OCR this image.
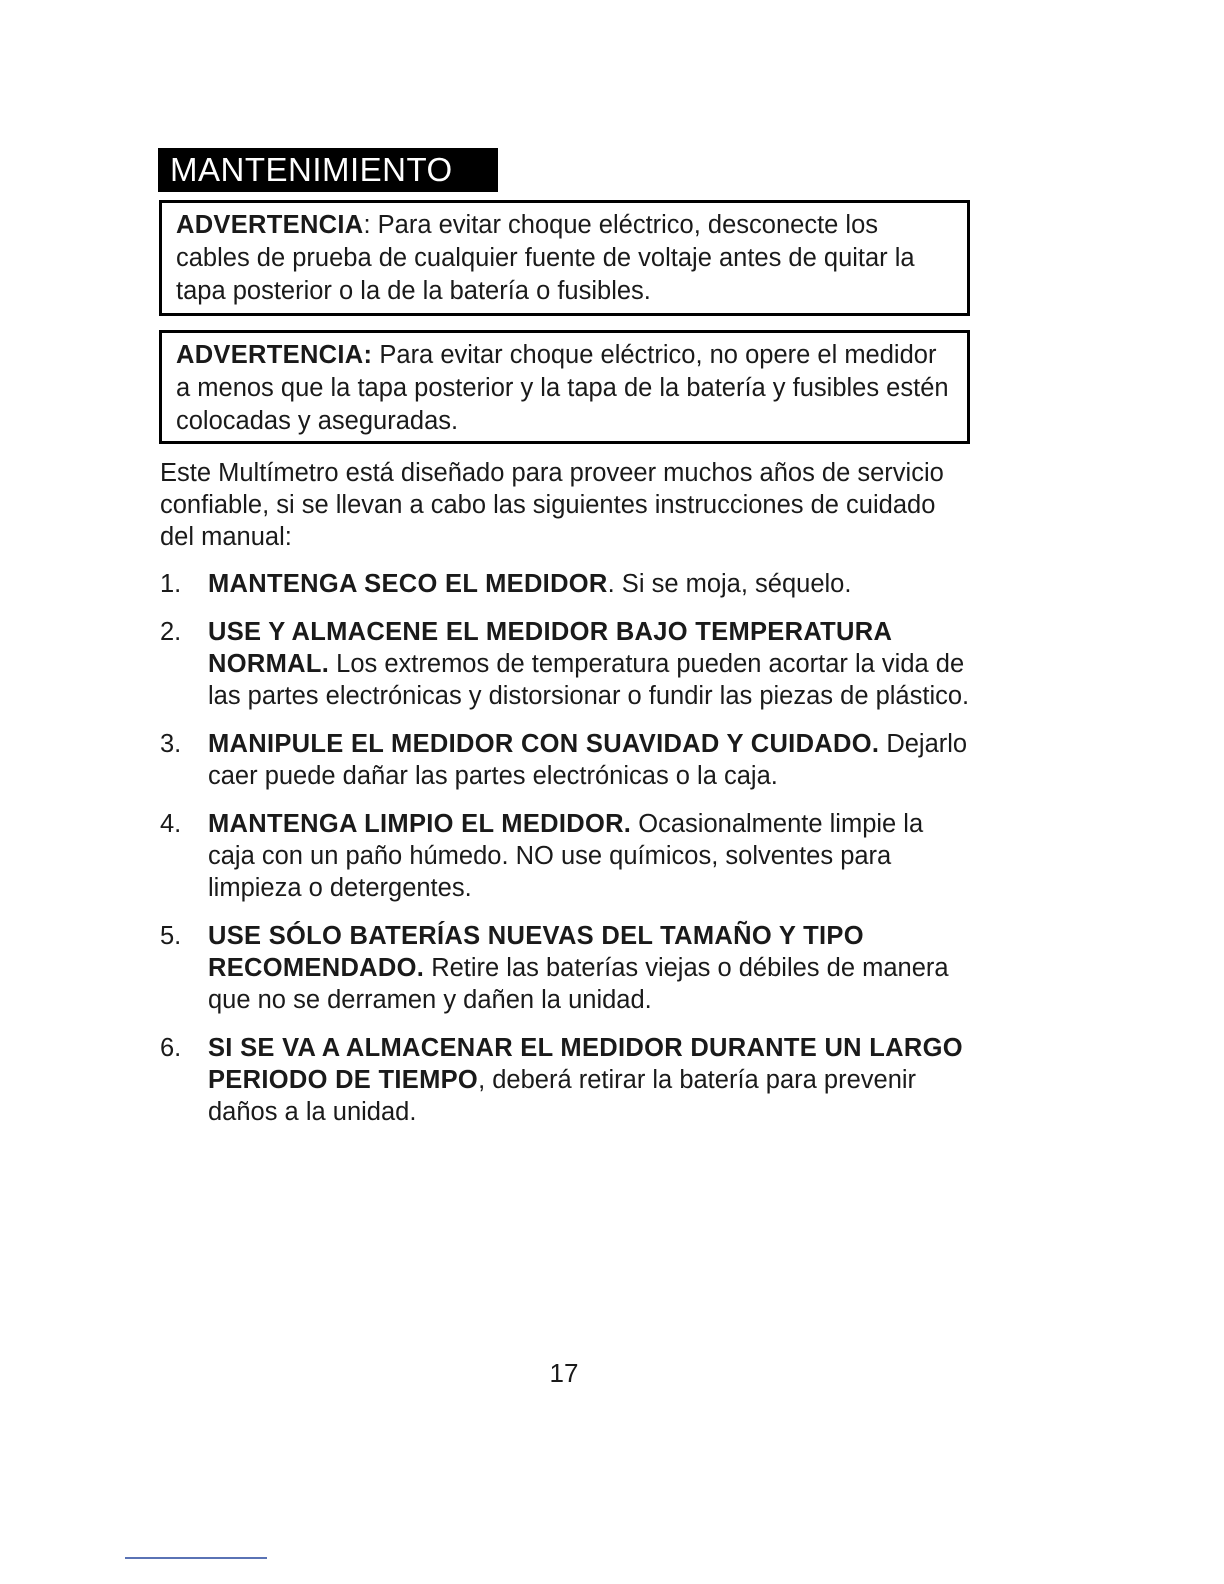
MANTENIMIENTO
ADVERTENCIA: Para evitar choque eléctrico, desconecte los cables de prueba de cualquier fuente de voltaje antes de quitar la tapa posterior o la de la batería o fusibles.
ADVERTENCIA: Para evitar choque eléctrico, no opere el medidor a menos que la tapa posterior y la tapa de la batería y fusibles estén colocadas y aseguradas.

Este Multímetro está diseñado para proveer muchos años de servicio confiable, si se llevan a cabo las siguientes instrucciones de cuidado del manual:

1. MANTENGA SECO EL MEDIDOR. Si se moja, séquelo.
2. USE Y ALMACENE EL MEDIDOR BAJO TEMPERATURA NORMAL. Los extremos de temperatura pueden acortar la vida de las partes electrónicas y distorsionar o fundir las piezas de plástico.
3. MANIPULE EL MEDIDOR CON SUAVIDAD Y CUIDADO. Dejarlo caer puede dañar las partes electrónicas o la caja.
4. MANTENGA LIMPIO EL MEDIDOR. Ocasionalmente limpie la caja con un paño húmedo. NO use químicos, solventes para limpieza o detergentes.
5. USE SÓLO BATERÍAS NUEVAS DEL TAMAÑO Y TIPO RECOMENDADO. Retire las baterías viejas o débiles de manera que no se derramen y dañen la unidad.
6. SI SE VA A ALMACENAR EL MEDIDOR DURANTE UN LARGO PERIODO DE TIEMPO, deberá retirar la batería para prevenir daños a la unidad.
17
